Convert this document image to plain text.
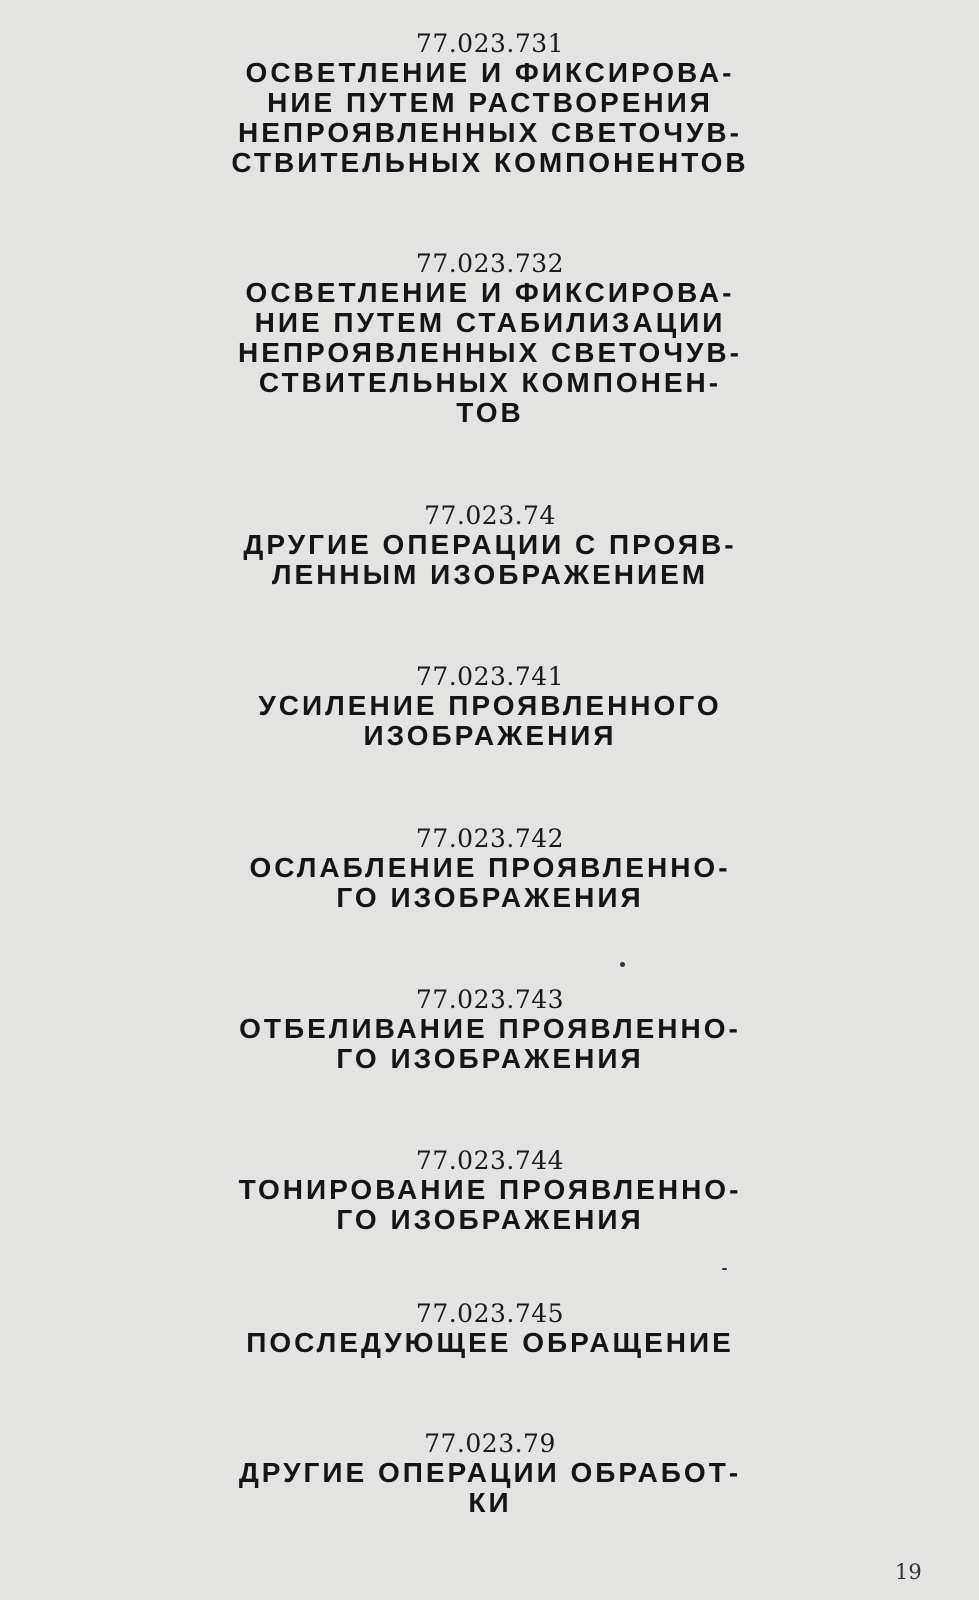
77.023.731
ОСВЕТЛЕНИЕ И ФИКСИРОВА-
НИЕ ПУТЕМ РАСТВОРЕНИЯ
НЕПРОЯВЛЕННЫХ СВЕТОЧУВ-
СТВИТЕЛЬНЫХ КОМПОНЕНТОВ
77.023.732
ОСВЕТЛЕНИЕ И ФИКСИРОВА-
НИЕ ПУТЕМ СТАБИЛИЗАЦИИ
НЕПРОЯВЛЕННЫХ СВЕТОЧУВ-
СТВИТЕЛЬНЫХ КОМПОНЕН-
ТОВ
77.023.74
ДРУГИЕ ОПЕРАЦИИ С ПРОЯВ-
ЛЕННЫМ ИЗОБРАЖЕНИЕМ
77.023.741
УСИЛЕНИЕ ПРОЯВЛЕННОГО
ИЗОБРАЖЕНИЯ
77.023.742
ОСЛАБЛЕНИЕ ПРОЯВЛЕННО-
ГО ИЗОБРАЖЕНИЯ
77.023.743
ОТБЕЛИВАНИЕ ПРОЯВЛЕННО-
ГО ИЗОБРАЖЕНИЯ
77.023.744
ТОНИРОВАНИЕ ПРОЯВЛЕННО-
ГО ИЗОБРАЖЕНИЯ
77.023.745
ПОСЛЕДУЮЩЕЕ ОБРАЩЕНИЕ
77.023.79
ДРУГИЕ ОПЕРАЦИИ ОБРАБОТ-
КИ
19
